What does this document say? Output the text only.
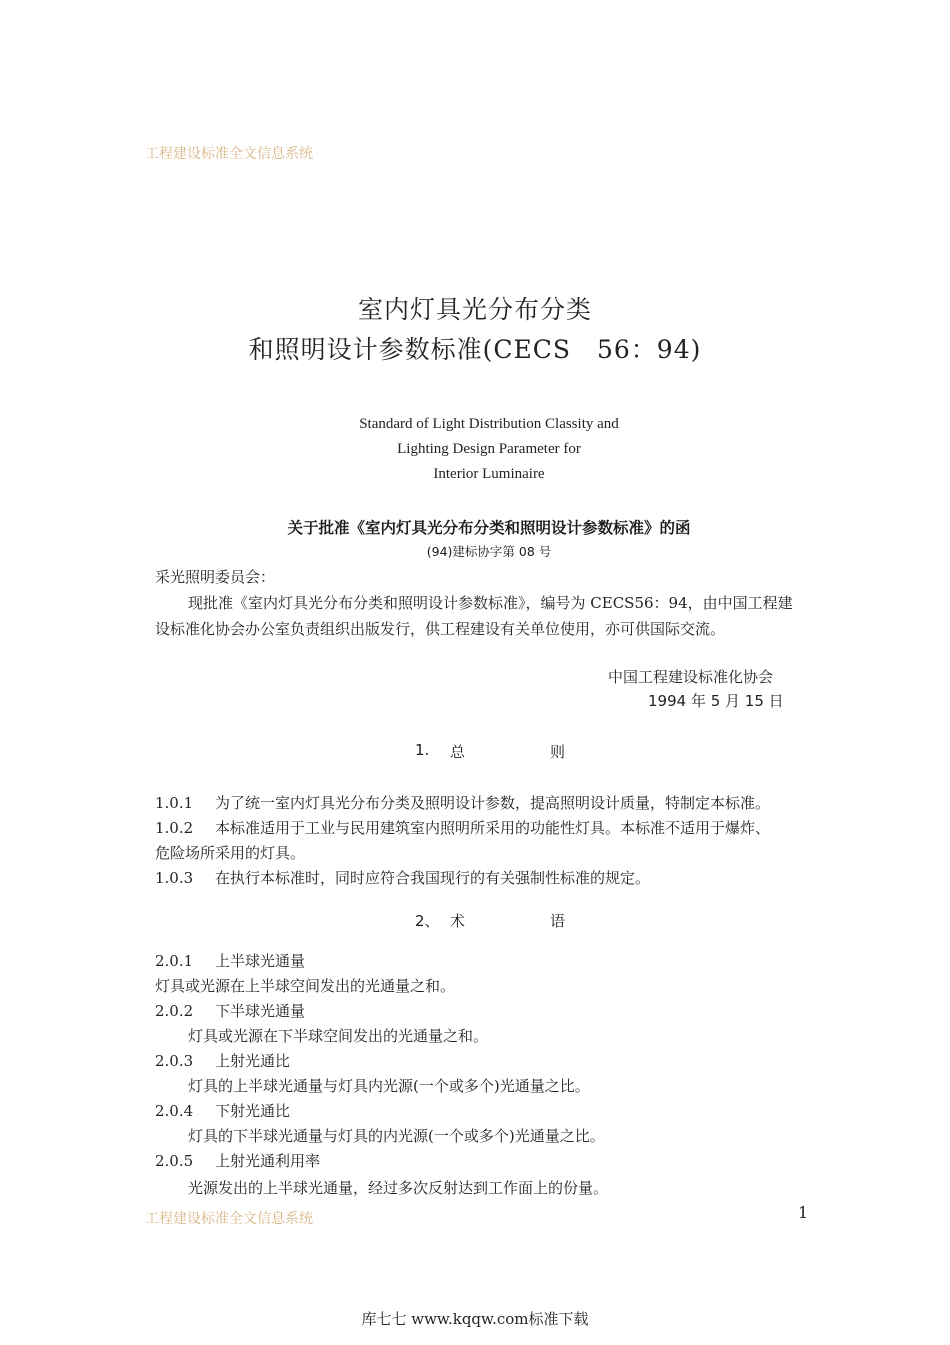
工程建设标准全文信息系统
室内灯具光分布分类
和照明设计参数标准(CECS　56：94)
Standard of Light Distribution Classity and
Lighting Design Parameter for
Interior Luminaire
关于批准《室内灯具光分布分类和照明设计参数标准》的函
(94)建标协字第 08 号
采光照明委员会：
现批准《室内灯具光分布分类和照明设计参数标准》，编号为 CECS56：94，由中国工程建
设标准化协会办公室负责组织出版发行，供工程建设有关单位使用，亦可供国际交流。
中国工程建设标准化协会
1994 年 5 月 15 日
1. 总	则
1.0.1 为了统一室内灯具光分布分类及照明设计参数，提高照明设计质量，特制定本标准。
1.0.2 本标准适用于工业与民用建筑室内照明所采用的功能性灯具。本标准不适用于爆炸、
危险场所采用的灯具。
1.0.3 在执行本标准时，同时应符合我国现行的有关强制性标准的规定。
2、 术	语
2.0.1 上半球光通量
灯具或光源在上半球空间发出的光通量之和。
2.0.2 下半球光通量
灯具或光源在下半球空间发出的光通量之和。
2.0.3 上射光通比
灯具的上半球光通量与灯具内光源(一个或多个)光通量之比。
2.0.4 下射光通比
灯具的下半球光通量与灯具的内光源(一个或多个)光通量之比。
2.0.5 上射光通利用率
光源发出的上半球光通量，经过多次反射达到工作面上的份量。
工程建设标准全文信息系统	1
库七七 www.kqqw.com标准下载
